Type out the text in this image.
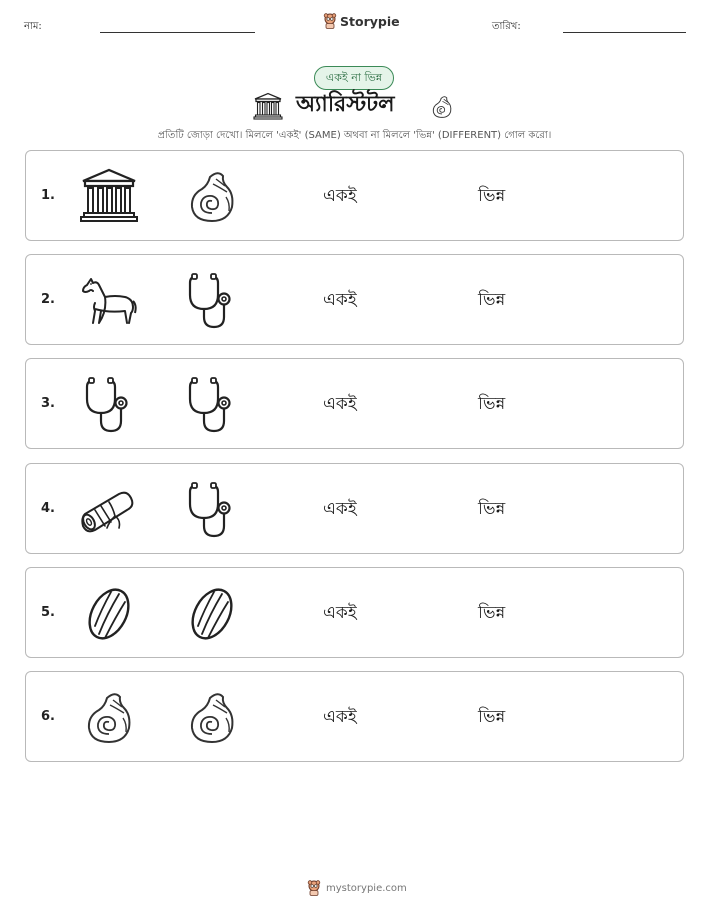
নাম:	Storypie	তারিখ:
একই না ভিন্ন
অ্যারিস্টটল
প্রতিটি জোড়া দেখো। মিললে 'একই' (SAME) অথবা না মিললে 'ভিন্ন' (DIFFERENT) গোল করো।
1.	একই	ভিন্ন
2.	একই	ভিন্ন
3.	একই	ভিন্ন
4.	একই	ভিন্ন
5.	একই	ভিন্ন
6.	একই	ভিন্ন
mystorypie.com
